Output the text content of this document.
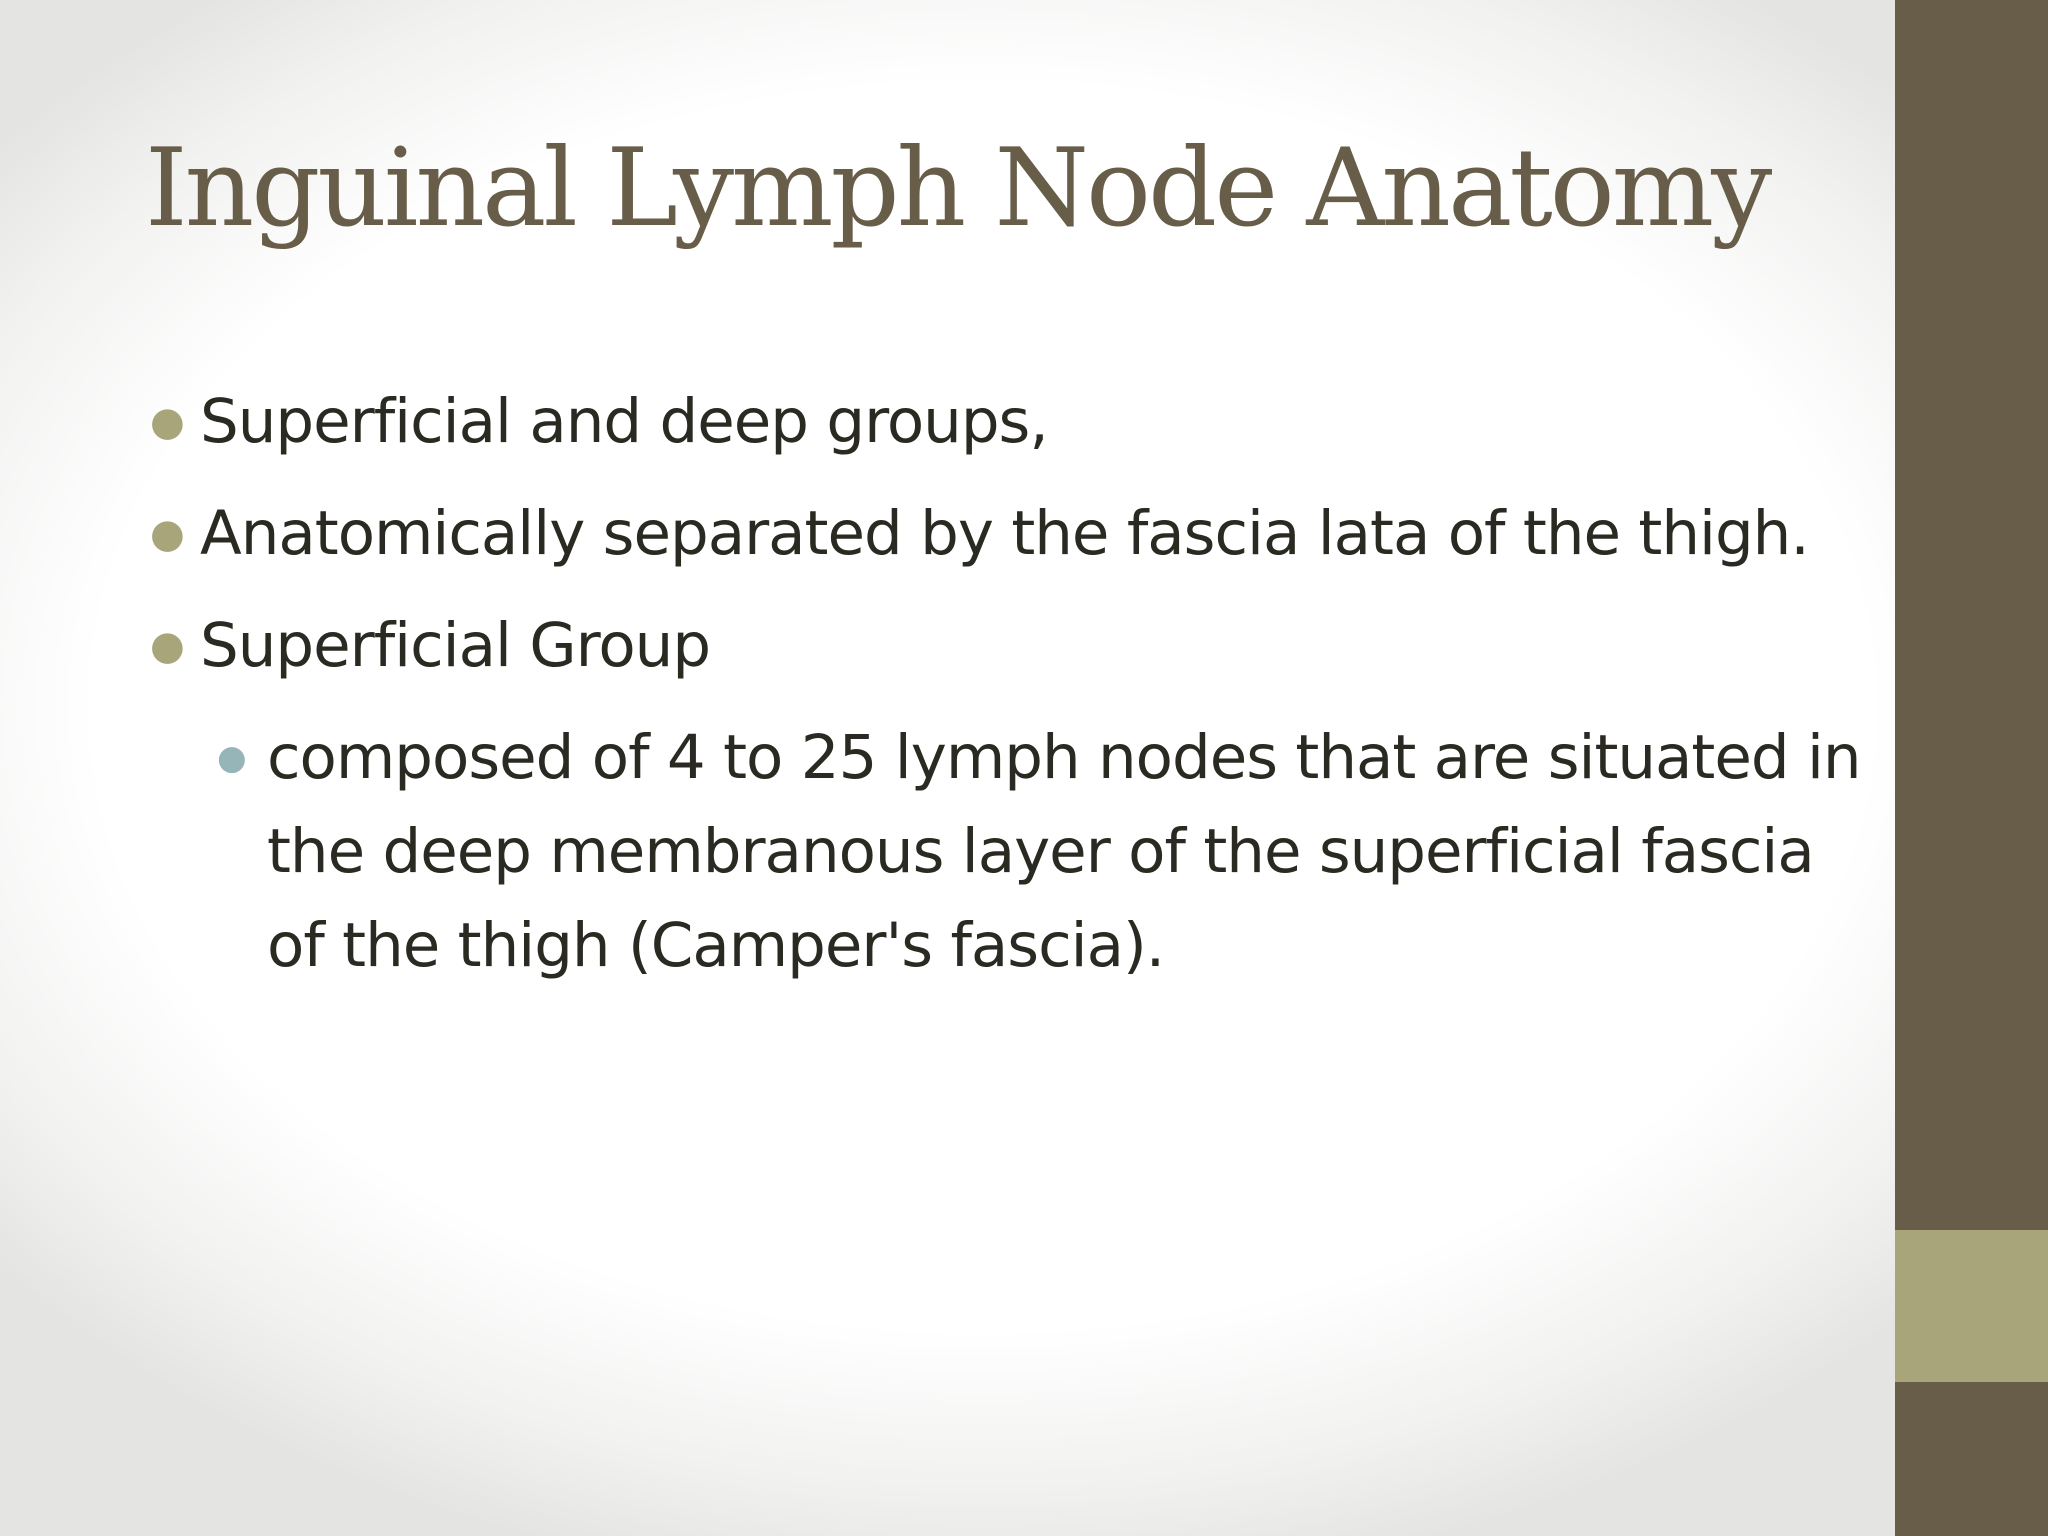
Inguinal Lymph Node Anatomy
● Superficial and deep groups,
● Anatomically separated by the fascia lata of the thigh.
● Superficial Group
● composed of 4 to 25 lymph nodes that are situated in the deep membranous layer of the superficial fascia of the thigh (Camper's fascia).
